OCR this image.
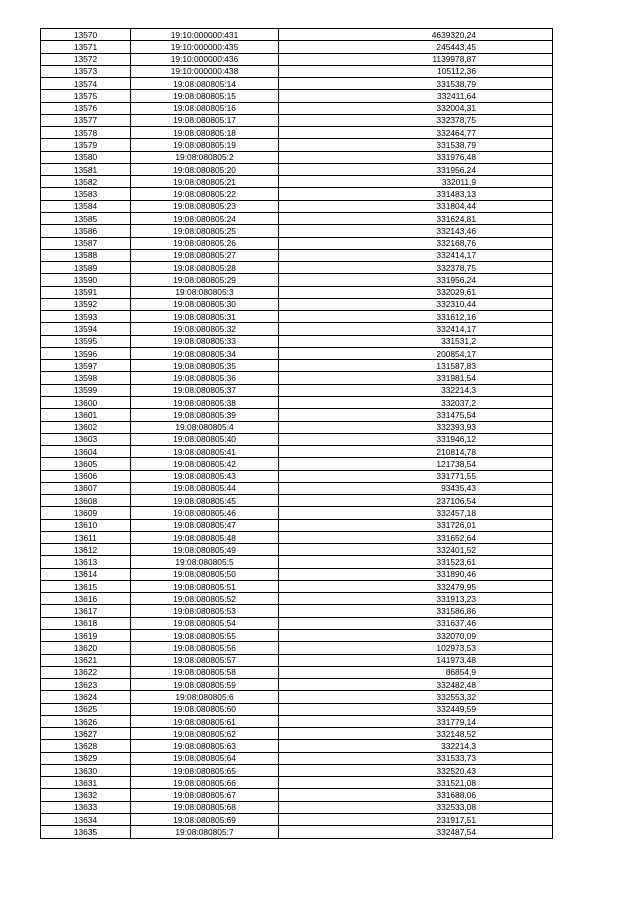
13570	19:10:000000:431	4639320,24
13571	19:10:000000:435	245443,45
13572	19:10:000000:436	1139978,87
13573	19:10:000000:438	105112,36
13574	19:08:080805:14	331538,79
13575	19:08:080805:15	332411,64
13576	19:08:080805:16	332004,31
13577	19:08:080805:17	332378,75
13578	19:08:080805:18	332464,77
13579	19:08:080805:19	331538,79
13580	19:08:080805:2	331976,48
13581	19:08:080805:20	331956,24
13582	19:08:080805:21	332011,9
13583	19:08:080805:22	331483,13
13584	19:08:080805:23	331804,44
13585	19:08:080805:24	331624,81
13586	19:08:080805:25	332143,46
13587	19:08:080805:26	332168,76
13588	19:08:080805:27	332414,17
13589	19:08:080805:28	332378,75
13590	19:08:080805:29	331956,24
13591	19:08:080805:3	332029,61
13592	19:08:080805:30	332310,44
13593	19:08:080805:31	331612,16
13594	19:08:080805:32	332414,17
13595	19:08:080805:33	331531,2
13596	19:08:080805:34	200854,17
13597	19:08:080805:35	131587,83
13598	19:08:080805:36	331981,54
13599	19:08:080805:37	332214,3
13600	19:08:080805:38	332037,2
13601	19:08:080805:39	331475,54
13602	19:08:080805:4	332393,93
13603	19:08:080805:40	331946,12
13604	19:08:080805:41	210814,78
13605	19:08:080805:42	121738,54
13606	19:08:080805:43	331771,55
13607	19:08:080805:44	93435,43
13608	19:08:080805:45	237106,54
13609	19:08:080805:46	332457,18
13610	19:08:080805:47	331726,01
13611	19:08:080805:48	331652,64
13612	19:08:080805:49	332401,52
13613	19:08:080805:5	331523,61
13614	19:08:080805:50	331890,46
13615	19:08:080805:51	332479,95
13616	19:08:080805:52	331913,23
13617	19:08:080805:53	331586,86
13618	19:08:080805:54	331637,46
13619	19:08:080805:55	332070,09
13620	19:08:080805:56	102973,53
13621	19:08:080805:57	141973,48
13622	19:08:080805:58	86854,9
13623	19:08:080805:59	332482,48
13624	19:08:080805:6	332553,32
13625	19:08:080805:60	332449,59
13626	19:08:080805:61	331779,14
13627	19:08:080805:62	332148,52
13628	19:08:080805:63	332214,3
13629	19:08:080805:64	331533,73
13630	19:08:080805:65	332520,43
13631	19:08:080805:66	331521,08
13632	19:08:080805:67	331688,06
13633	19:08:080805:68	332533,08
13634	19:08:080805:69	231917,51
13635	19:08:080805:7	332487,54
